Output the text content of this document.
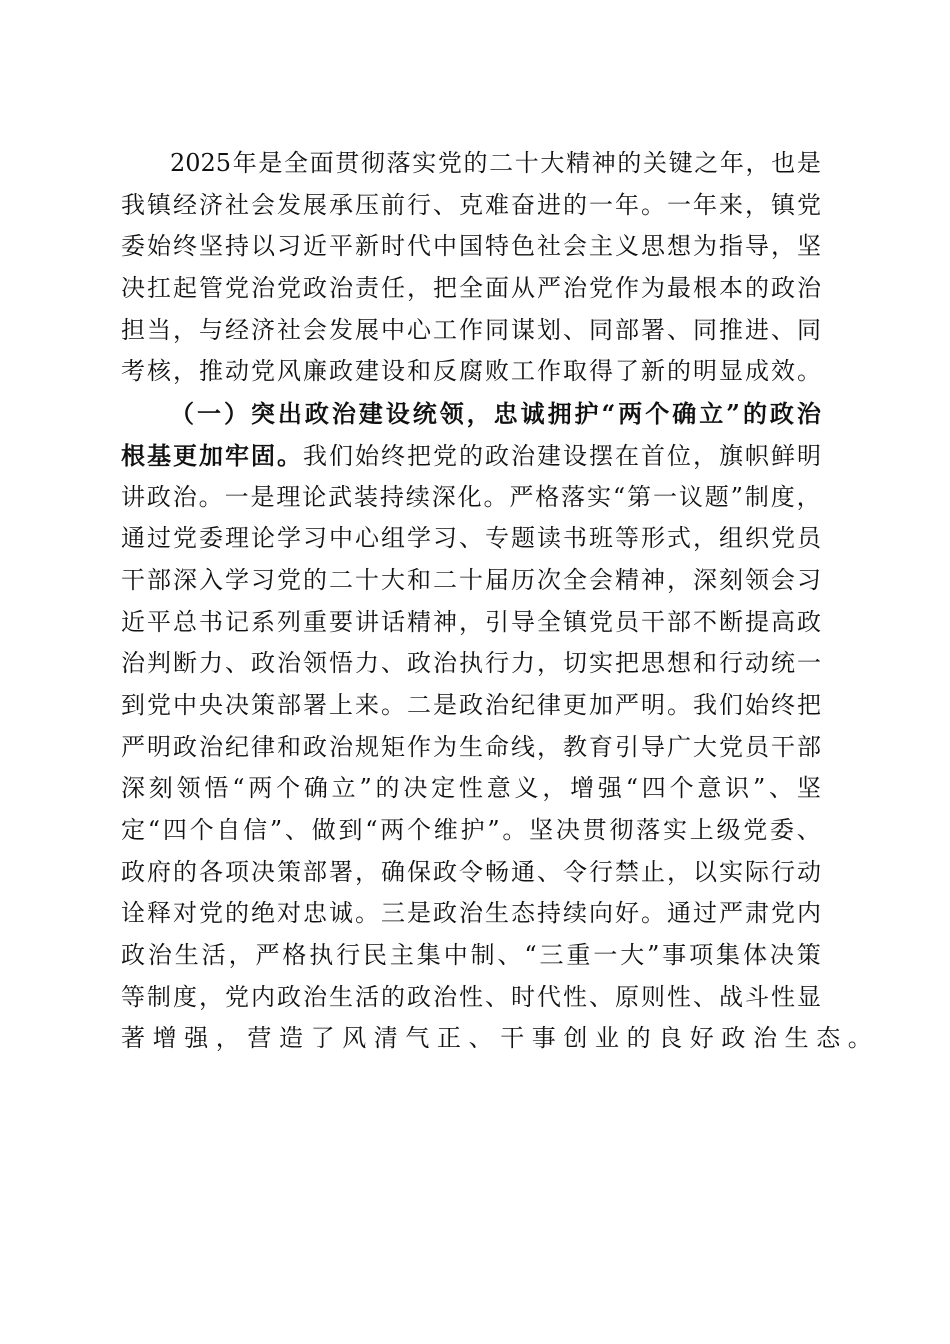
2025 年 是 全 面 贯 彻 落 实 党 的 二 十 大 精 神 的 关 键 之 年 ， 也 是
我 镇 经 济 社 会 发 展 承 压 前 行 、 克 难 奋 进 的 一 年 。 一 年 来 ， 镇 党
委 始 终 坚 持 以 习 近 平 新 时 代 中 国 特 色 社 会 主 义 思 想 为 指 导 ， 坚
决 扛 起 管 党 治 党 政 治 责 任 ， 把 全 面 从 严 治 党 作 为 最 根 本 的 政 治
担 当 ， 与 经 济 社 会 发 展 中 心 工 作 同 谋 划 、 同 部 署 、 同 推 进 、 同
考 核 ， 推 动 党 风 廉 政 建 设 和 反 腐 败 工 作 取 得 了 新 的 明 显 成 效 。
（ 一 ） 突 出 政 治 建 设 统 领 ， 忠 诚 拥 护 “ 两 个 确 立 ” 的 政 治
根基更加牢固。我们始终把党的政治建设摆在首位，旗帜鲜明
讲 政 治 。 一 是 理 论 武 装 持 续 深 化 。 严 格 落 实 “ 第 一 议 题 ” 制 度 ，
通 过 党 委 理 论 学 习 中 心 组 学 习 、 专 题 读 书 班 等 形 式 ， 组 织 党 员
干 部 深 入 学 习 党 的 二 十 大 和 二 十 届 历 次 全 会 精 神 ， 深 刻 领 会 习
近 平 总 书 记 系 列 重 要 讲 话 精 神 ， 引 导 全 镇 党 员 干 部 不 断 提 高 政
治 判 断 力 、 政 治 领 悟 力 、 政 治 执 行 力 ， 切 实 把 思 想 和 行 动 统 一
到 党 中 央 决 策 部 署 上 来 。 二 是 政 治 纪 律 更 加 严 明 。 我 们 始 终 把
严 明 政 治 纪 律 和 政 治 规 矩 作 为 生 命 线 ， 教 育 引 导 广 大 党 员 干 部
深 刻 领 悟 “ 两 个 确 立 ” 的 决 定 性 意 义 ， 增 强 “ 四 个 意 识 ” 、 坚
定 “ 四 个 自 信 ” 、 做 到 “ 两 个 维 护 ” 。 坚 决 贯 彻 落 实 上 级 党 委 、
政 府 的 各 项 决 策 部 署 ， 确 保 政 令 畅 通 、 令 行 禁 止 ， 以 实 际 行 动
诠 释 对 党 的 绝 对 忠 诚 。 三 是 政 治 生 态 持 续 向 好 。 通 过 严 肃 党 内
政 治 生 活 ， 严 格 执 行 民 主 集 中 制 、 “ 三 重 一 大 ” 事 项 集 体 决 策
等 制 度 ， 党 内 政 治 生 活 的 政 治 性 、 时 代 性 、 原 则 性 、 战 斗 性 显
著增强，营造了风清气正、干事创业的良好政治生态。
